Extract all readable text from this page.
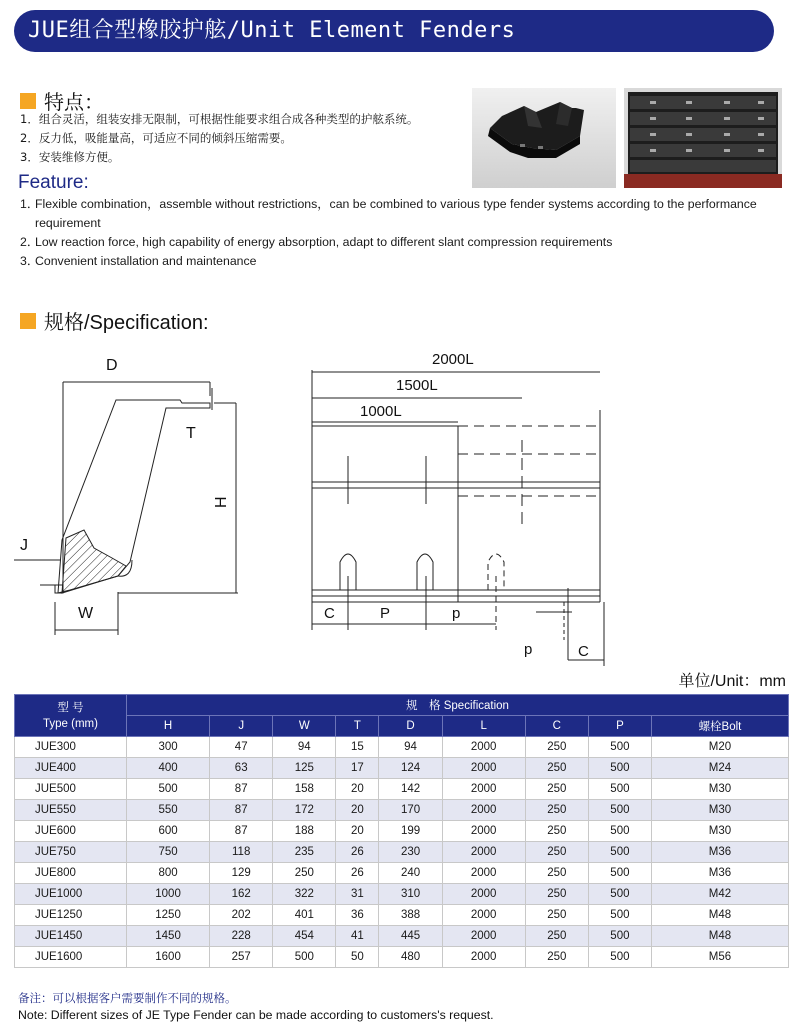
JUE组合型橡胶护舷/Unit Element Fenders
特点：
1．组合灵活，组装安排无限制，可根据性能要求组合成各种类型的护舷系统。
2．反力低，吸能量高，可适应不同的倾斜压缩需要。
3．安装维修方便。
Feature:
1．
Flexible combination，assemble without restrictions，can be combined to various type fender systems according to the performance requirement
2．
Low reaction force, high capability of energy absorption, adapt to different slant compression requirements
3．
Convenient installation and maintenance
规格/Specification:
D
T
H
J
W
2000L
1500L
1000L
C	P	p
p	C
单位/Unit：mm
型 号
Type (mm)	规　格 Specification								
	H	J	W	T	D	L	C	P	螺栓Bolt
JUE300	300	47	94	15	94	2000	250	500	M20
JUE400	400	63	125	17	124	2000	250	500	M24
JUE500	500	87	158	20	142	2000	250	500	M30
JUE550	550	87	172	20	170	2000	250	500	M30
JUE600	600	87	188	20	199	2000	250	500	M30
JUE750	750	118	235	26	230	2000	250	500	M36
JUE800	800	129	250	26	240	2000	250	500	M36
JUE1000	1000	162	322	31	310	2000	250	500	M42
JUE1250	1250	202	401	36	388	2000	250	500	M48
JUE1450	1450	228	454	41	445	2000	250	500	M48
JUE1600	1600	257	500	50	480	2000	250	500	M56
备注：可以根据客户需要制作不同的规格。
Note: Different sizes of JE Type Fender can be made according to customers's request.
